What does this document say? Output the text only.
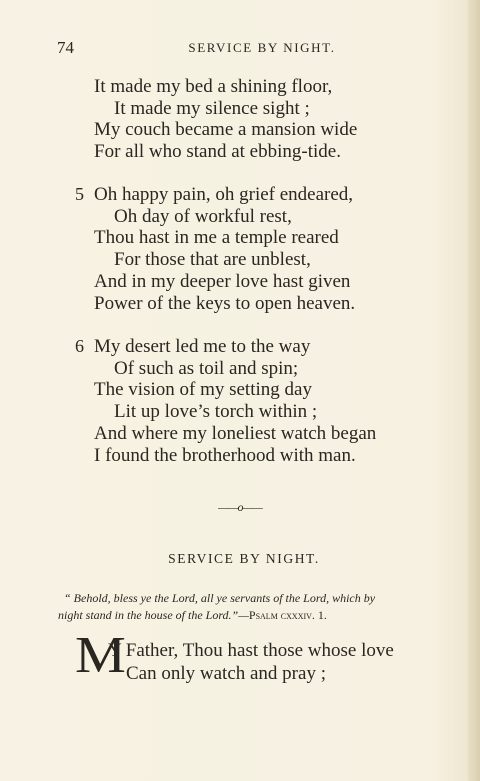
74	SERVICE BY NIGHT.
It made my bed a shining floor,
It made my silence sight ;
My couch became a mansion wide
For all who stand at ebbing-tide.
5 Oh happy pain, oh grief endeared,
Oh day of workful rest,
Thou hast in me a temple reared
For those that are unblest,
And in my deeper love hast given
Power of the keys to open heaven.
6 My desert led me to the way
Of such as toil and spin;
The vision of my setting day
Lit up love’s torch within ;
And where my loneliest watch began
I found the brotherhood with man.
——o——
SERVICE BY NIGHT.
“ Behold, bless ye the Lord, all ye servants of the Lord, which by
night stand in the house of the Lord.”—Psalm cxxxiv. 1.
M
Y Father, Thou hast those whose love
Can only watch and pray ;
